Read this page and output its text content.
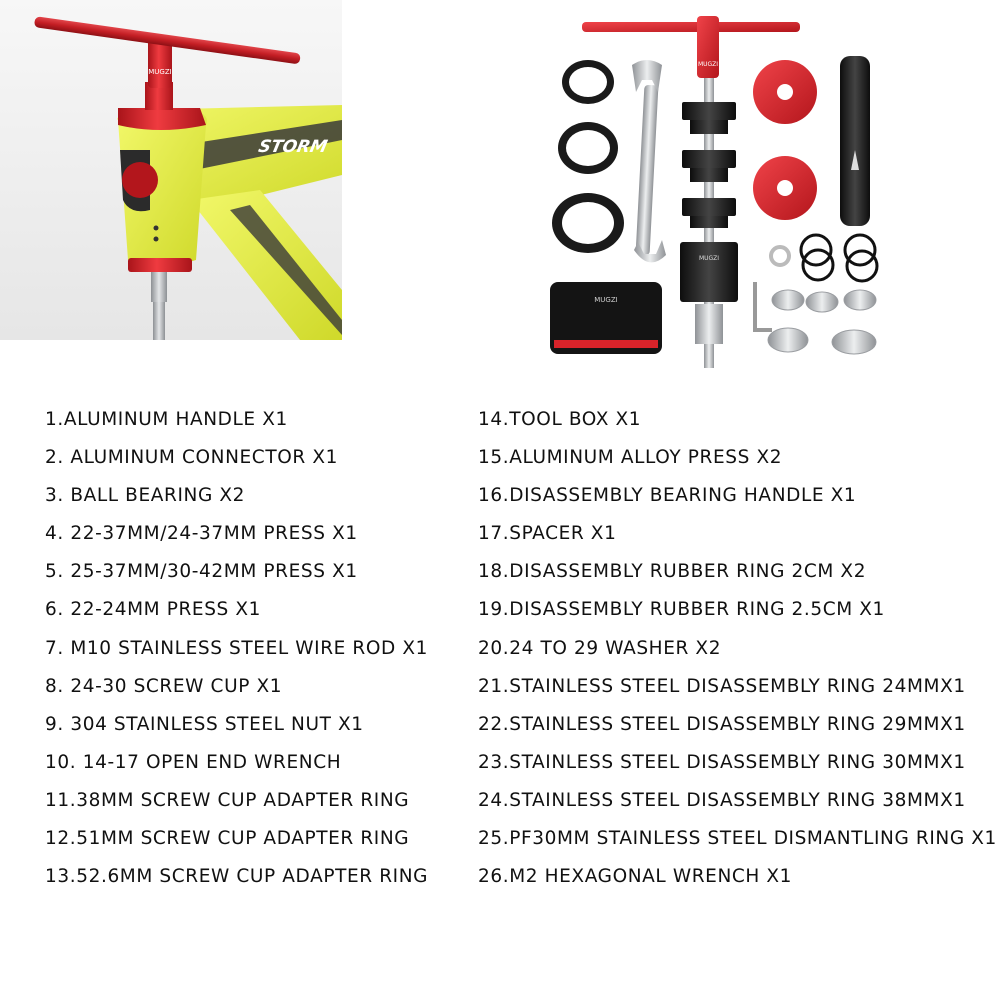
STORM
MUGZI
MUGZI
MUGZI
MUGZI
1.ALUMINUM HANDLE X1
2. ALUMINUM CONNECTOR X1
3. BALL BEARING X2
4. 22-37MM/24-37MM PRESS X1
5. 25-37MM/30-42MM PRESS X1
6. 22-24MM PRESS X1
7. M10 STAINLESS STEEL WIRE ROD X1
8. 24-30 SCREW CUP X1
9. 304 STAINLESS STEEL NUT X1
10. 14-17 OPEN END WRENCH
11.38MM SCREW CUP ADAPTER RING
12.51MM SCREW CUP ADAPTER RING
13.52.6MM SCREW CUP ADAPTER RING
14.TOOL BOX X1
15.ALUMINUM ALLOY PRESS X2
16.DISASSEMBLY BEARING HANDLE X1
17.SPACER X1
18.DISASSEMBLY RUBBER RING 2CM X2
19.DISASSEMBLY RUBBER RING 2.5CM X1
20.24 TO 29 WASHER X2
21.STAINLESS STEEL DISASSEMBLY RING 24MMX1
22.STAINLESS STEEL DISASSEMBLY RING 29MMX1
23.STAINLESS STEEL DISASSEMBLY RING 30MMX1
24.STAINLESS STEEL DISASSEMBLY RING 38MMX1
25.PF30MM STAINLESS STEEL DISMANTLING RING X1
26.M2 HEXAGONAL WRENCH X1
